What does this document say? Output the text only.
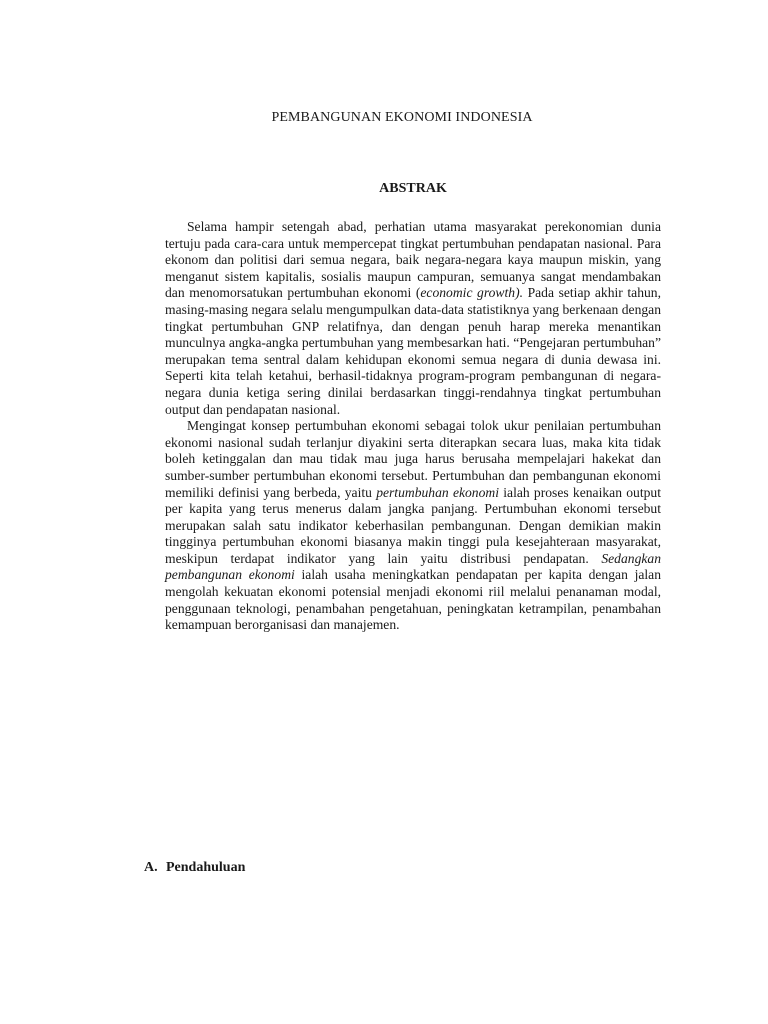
PEMBANGUNAN EKONOMI INDONESIA
ABSTRAK

Selama hampir setengah abad, perhatian utama masyarakat perekonomian dunia tertuju pada cara-cara untuk mempercepat tingkat pertumbuhan pendapatan nasional. Para ekonom dan politisi dari semua negara, baik negara-negara kaya maupun miskin, yang menganut sistem kapitalis, sosialis maupun campuran, semuanya sangat mendambakan dan menomorsatukan pertumbuhan ekonomi (economic growth). Pada setiap akhir tahun, masing-masing negara selalu mengumpulkan data-data statistiknya yang berkenaan dengan tingkat pertumbuhan GNP relatifnya, dan dengan penuh harap mereka menantikan munculnya angka-angka pertumbuhan yang membesarkan hati. “Pengejaran pertumbuhan” merupakan tema sentral dalam kehidupan ekonomi semua negara di dunia dewasa ini. Seperti kita telah ketahui, berhasil-tidaknya program-program pembangunan di negara-negara dunia ketiga sering dinilai berdasarkan tinggi-rendahnya tingkat pertumbuhan output dan pendapatan nasional.

Mengingat konsep pertumbuhan ekonomi sebagai tolok ukur penilaian pertumbuhan ekonomi nasional sudah terlanjur diyakini serta diterapkan secara luas, maka kita tidak boleh ketinggalan dan mau tidak mau juga harus berusaha mempelajari hakekat dan sumber-sumber pertumbuhan ekonomi tersebut. Pertumbuhan dan pembangunan ekonomi memiliki definisi yang berbeda, yaitu pertumbuhan ekonomi ialah proses kenaikan output per kapita yang terus menerus dalam jangka panjang. Pertumbuhan ekonomi tersebut merupakan salah satu indikator keberhasilan pembangunan. Dengan demikian makin tingginya pertumbuhan ekonomi biasanya makin tinggi pula kesejahteraan masyarakat, meskipun terdapat indikator yang lain yaitu distribusi pendapatan. Sedangkan pembangunan ekonomi ialah usaha meningkatkan pendapatan per kapita dengan jalan mengolah kekuatan ekonomi potensial menjadi ekonomi riil melalui penanaman modal, penggunaan teknologi, penambahan pengetahuan, peningkatan ketrampilan, penambahan kemampuan berorganisasi dan manajemen.

A. Pendahuluan
